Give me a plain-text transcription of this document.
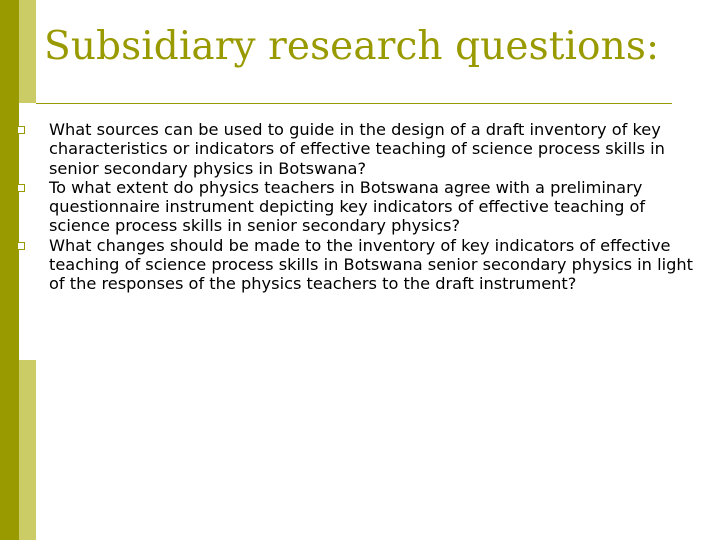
Subsidiary research questions:
What sources can be used to guide in the design of a draft inventory of key characteristics or indicators of effective teaching of science process skills in senior secondary physics in Botswana?
To what extent do physics teachers in Botswana agree with a preliminary questionnaire instrument depicting key indicators of effective teaching of science process skills in senior secondary physics?
What changes should be made to the inventory of key indicators of effective teaching of science process skills in Botswana senior secondary physics in light of the responses of the physics teachers to the draft instrument?
